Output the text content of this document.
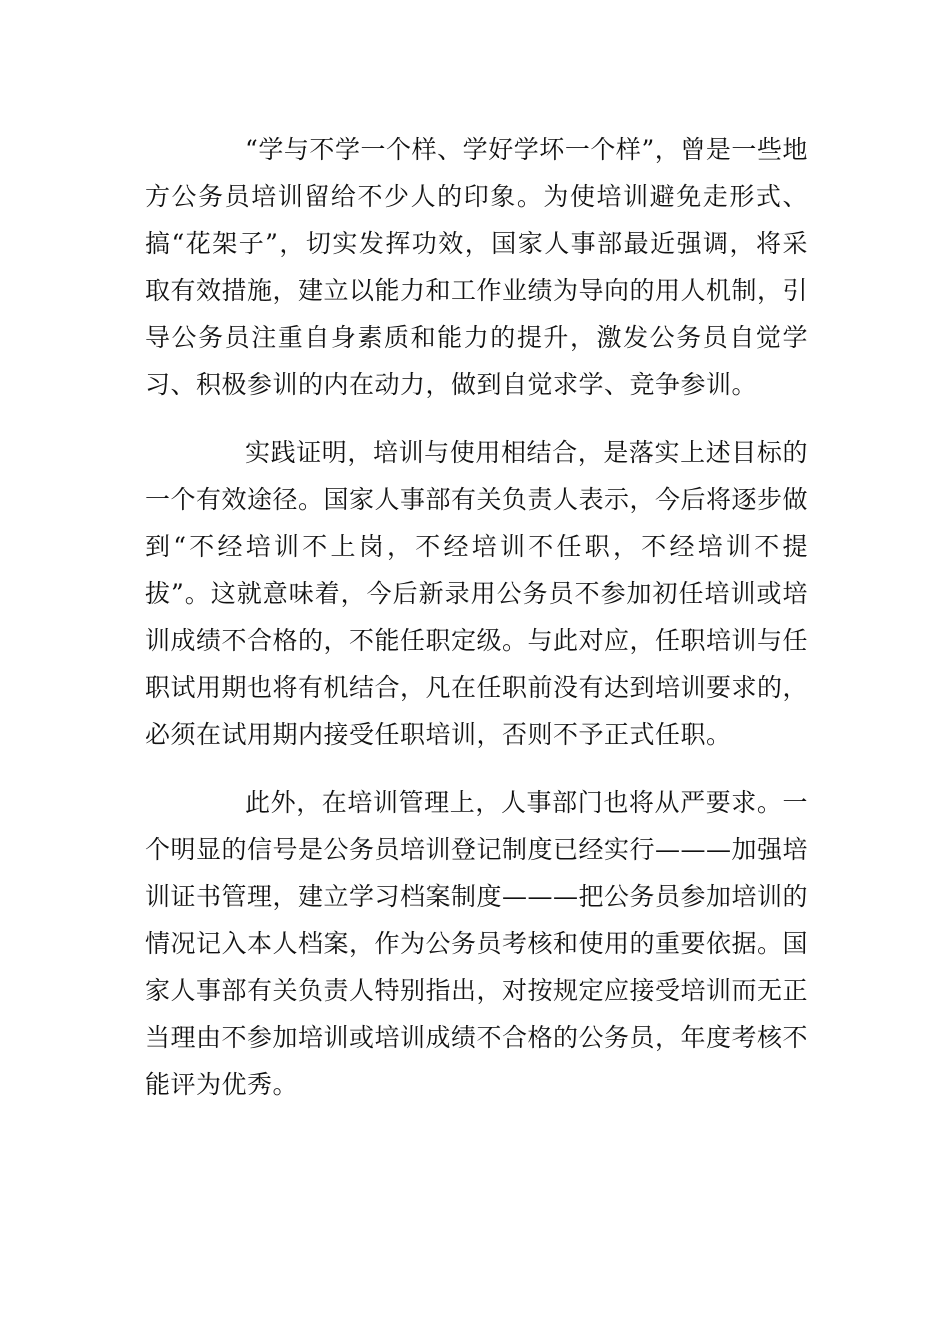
“学与不学一个样、学好学坏一个样”，曾是一些地方公务员培训留给不少人的印象。为使培训避免走形式、搞“花架子”，切实发挥功效，国家人事部最近强调，将采取有效措施，建立以能力和工作业绩为导向的用人机制，引导公务员注重自身素质和能力的提升，激发公务员自觉学习、积极参训的内在动力，做到自觉求学、竞争参训。

实践证明，培训与使用相结合，是落实上述目标的一个有效途径。国家人事部有关负责人表示，今后将逐步做到“不经培训不上岗，不经培训不任职，不经培训不提拔”。这就意味着，今后新录用公务员不参加初任培训或培训成绩不合格的，不能任职定级。与此对应，任职培训与任职试用期也将有机结合，凡在任职前没有达到培训要求的，必须在试用期内接受任职培训，否则不予正式任职。

此外，在培训管理上，人事部门也将从严要求。一个明显的信号是公务员培训登记制度已经实行———加强培训证书管理，建立学习档案制度———把公务员参加培训的情况记入本人档案，作为公务员考核和使用的重要依据。国家人事部有关负责人特别指出，对按规定应接受培训而无正当理由不参加培训或培训成绩不合格的公务员，年度考核不能评为优秀。
